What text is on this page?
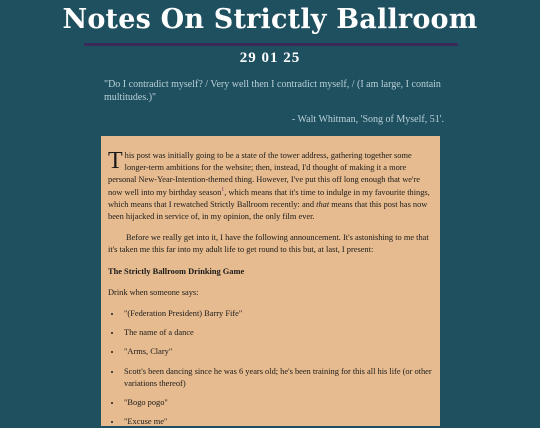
Notes On Strictly Ballroom
29 01 25

"Do I contradict myself? / Very well then I contradict myself, / (I am large, I contain multitudes.)"

- Walt Whitman, 'Song of Myself, 51'.

This post was initially going to be a state of the tower address, gathering together some longer-term ambitions for the website; then, instead, I'd thought of making it a more personal New-Year-Intention-themed thing. However, I've put this off long enough that we're now well into my birthday season$^1$, which means that it's time to indulge in my favourite things, which means that I rewatched Strictly Ballroom recently: and that means that this post has now been hijacked in service of, in my opinion, the only film ever.

Before we really get into it, I have the following announcement. It's astonishing to me that it's taken me this far into my adult life to get round to this but, at last, I present:

The Strictly Ballroom Drinking Game

Drink when someone says:

• "(Federation President) Barry Fife"
• The name of a dance
• "Arms, Clary"
• Scott's been dancing since he was 6 years old; he's been training for this all his life (or other variations thereof)
• "Bogo pogo"
• "Excuse me"
